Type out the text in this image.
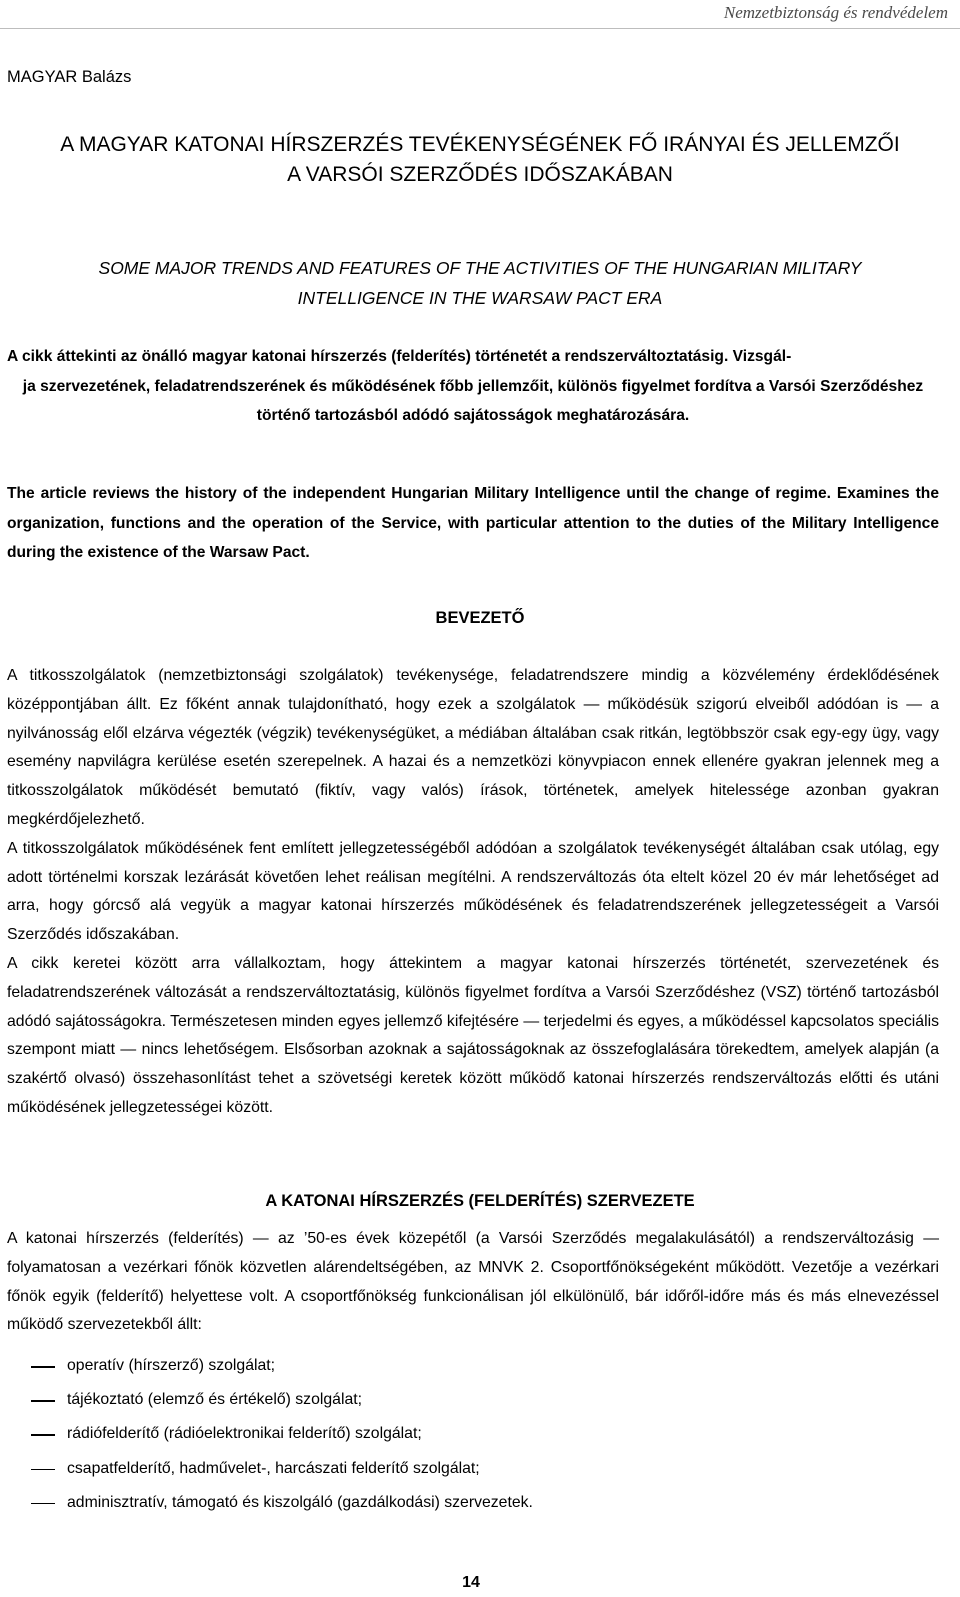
Nemzetbiztonság és rendvédelem
MAGYAR Balázs
A MAGYAR KATONAI HÍRSZERZÉS TEVÉKENYSÉGÉNEK FŐ IRÁNYAI ÉS JELLEMZŐI
A VARSÓI SZERZŐDÉS IDŐSZAKÁBAN
SOME MAJOR TRENDS AND FEATURES OF THE ACTIVITIES OF THE HUNGARIAN MILITARY
INTELLIGENCE IN THE WARSAW PACT ERA
A cikk áttekinti az önálló magyar katonai hírszerzés (felderítés) történetét a rendszerváltoztatásig. Vizsgál-
ja szervezetének, feladatrendszerének és működésének főbb jellemzőit, különös figyelmet fordítva a Varsói Szerződéshez történő tartozásból adódó sajátosságok meghatározására.

The article reviews the history of the independent Hungarian Military Intelligence until the change of regime. Examines the organization, functions and the operation of the Service, with particular attention to the duties of the Military Intelligence during the existence of the Warsaw Pact.

BEVEZETŐ

A titkosszolgálatok (nemzetbiztonsági szolgálatok) tevékenysége, feladatrendszere mindig a közvélemény érdeklődésének középpontjában állt. Ez főként annak tulajdonítható, hogy ezek a szolgálatok — működésük szigorú elveiből adódóan is — a nyilvánosság elől elzárva végezték (végzik) tevékenységüket, a médiában általában csak ritkán, legtöbbször csak egy-egy ügy, vagy esemény napvilágra kerülése esetén szerepelnek. A hazai és a nemzetközi könyvpiacon ennek ellenére gyakran jelennek meg a titkosszolgálatok működését bemutató (fiktív, vagy valós) írások, történetek, amelyek hitelessége azonban gyakran megkérdőjelezhető.

A titkosszolgálatok működésének fent említett jellegzetességéből adódóan a szolgálatok tevékenységét általában csak utólag, egy adott történelmi korszak lezárását követően lehet reálisan megítélni. A rendszerváltozás óta eltelt közel 20 év már lehetőséget ad arra, hogy górcső alá vegyük a magyar katonai hírszerzés működésének és feladatrendszerének jellegzetességeit a Varsói Szerződés időszakában.

A cikk keretei között arra vállalkoztam, hogy áttekintem a magyar katonai hírszerzés történetét, szervezetének és feladatrendszerének változását a rendszerváltoztatásig, különös figyelmet fordítva a Varsói Szerződéshez (VSZ) történő tartozásból adódó sajátosságokra. Természetesen minden egyes jellemző kifejtésére — terjedelmi és egyes, a működéssel kapcsolatos speciális szempont miatt — nincs lehetőségem. Elsősorban azoknak a sajátosságoknak az összefoglalására törekedtem, amelyek alapján (a szakértő olvasó) összehasonlítást tehet a szövetségi keretek között működő katonai hírszerzés rendszerváltozás előtti és utáni működésének jellegzetességei között.

A KATONAI HÍRSZERZÉS (FELDERÍTÉS) SZERVEZETE

A katonai hírszerzés (felderítés) — az ’50-es évek közepétől (a Varsói Szerződés megalakulásától) a rendszerváltozásig — folyamatosan a vezérkari főnök közvetlen alárendeltségében, az MNVK 2. Csoportfőnökségeként működött. Vezetője a vezérkari főnök egyik (felderítő) helyettese volt. A csoportfőnökség funkcionálisan jól elkülönülő, bár időről-időre más és más elnevezéssel működő szervezetekből állt:

operatív (hírszerző) szolgálat;
tájékoztató (elemző és értékelő) szolgálat;
rádiófelderítő (rádióelektronikai felderítő) szolgálat;
csapatfelderítő, hadművelet-, harcászati felderítő szolgálat;
adminisztratív, támogató és kiszolgáló (gazdálkodási) szervezetek.
14
